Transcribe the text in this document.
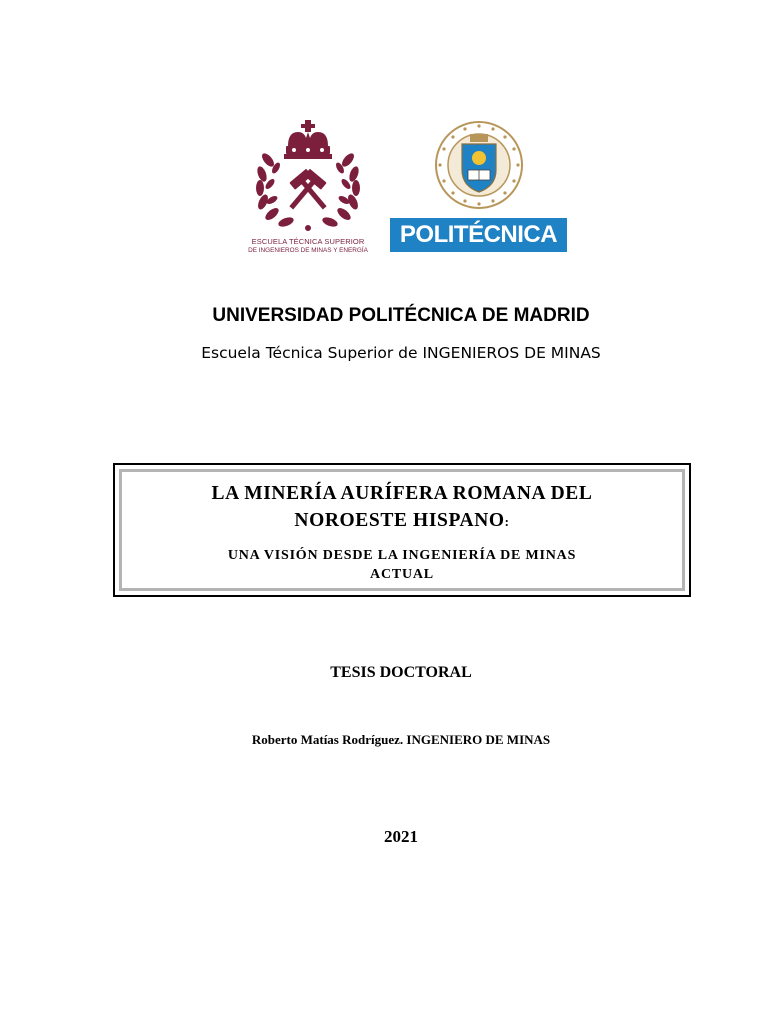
ESCUELA TÉCNICA SUPERIOR
DE INGENIEROS DE MINAS Y ENERGÍA
POLITÉCNICA
UNIVERSIDAD POLITÉCNICA DE MADRID
Escuela Técnica Superior de INGENIEROS DE MINAS
LA MINERÍA AURÍFERA ROMANA DEL
NOROESTE HISPANO:
UNA VISIÓN DESDE LA INGENIERÍA DE MINAS
ACTUAL
TESIS DOCTORAL
Roberto Matías Rodríguez. INGENIERO DE MINAS
2021
